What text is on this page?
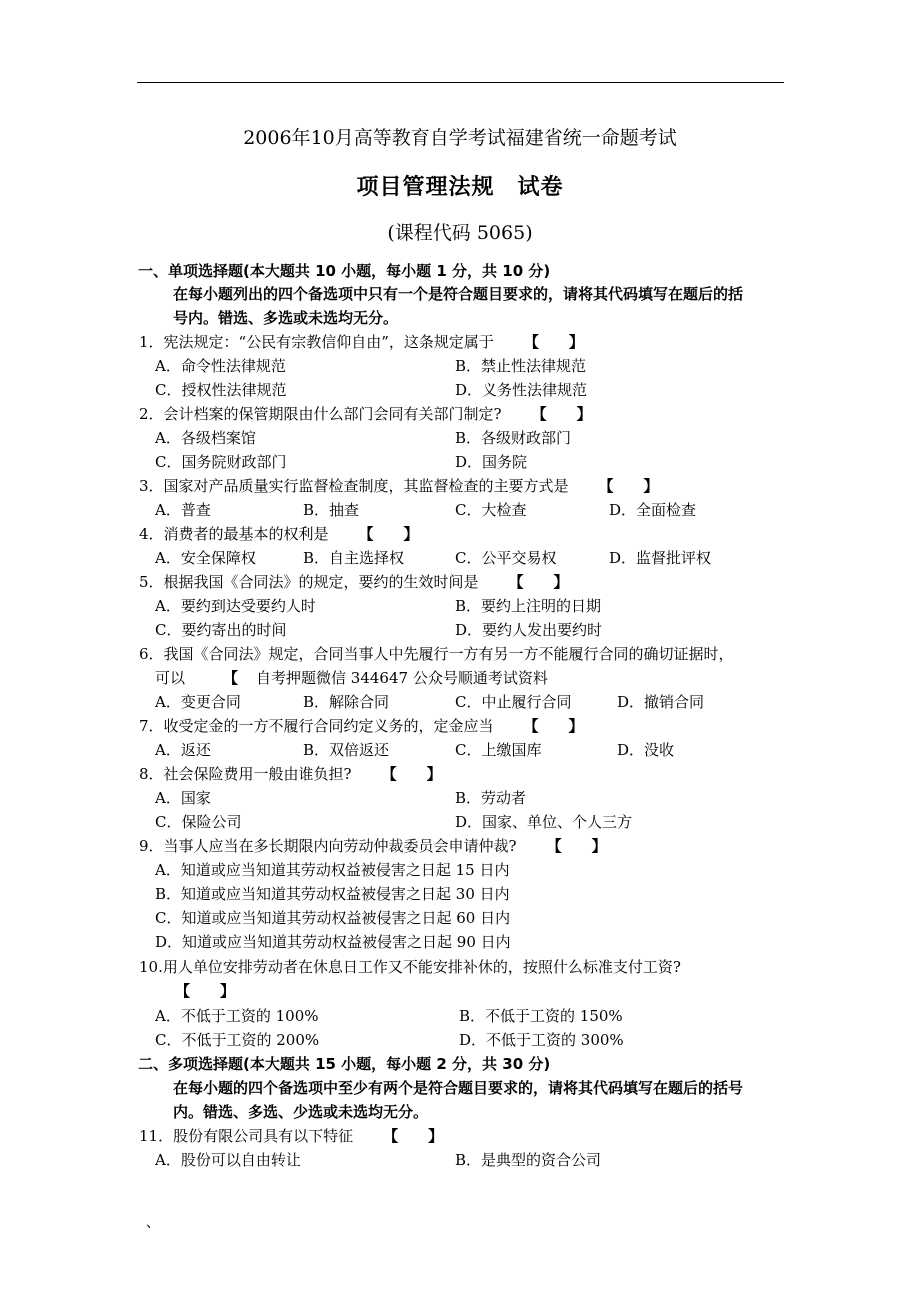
2006年10月高等教育自学考试福建省统一命题考试
项目管理法规　试卷
(课程代码 5065)
一、单项选择题(本大题共 10 小题，每小题 1 分，共 10 分)
在每小题列出的四个备选项中只有一个是符合题目要求的，请将其代码填写在题后的括
号内。错选、多选或未选均无分。
1．宪法规定：“公民有宗教信仰自由”，这条规定属于 【　　】
A．命令性法律规范	B．禁止性法律规范
C．授权性法律规范	D．义务性法律规范
2．会计档案的保管期限由什么部门会同有关部门制定? 【　　】
A．各级档案馆	B．各级财政部门
C．国务院财政部门	D．国务院
3．国家对产品质量实行监督检查制度，其监督检查的主要方式是 【　　】
A．普查	B．抽查	C．大检查	D．全面检查
4．消费者的最基本的权利是 【　　】
A．安全保障权	B．自主选择权	C．公平交易权	D．监督批评权
5．根据我国《合同法》的规定，要约的生效时间是 【　　】
A．要约到达受要约人时	B．要约上注明的日期
C．要约寄出的时间	D．要约人发出要约时
6．我国《合同法》规定，合同当事人中先履行一方有另一方不能履行合同的确切证据时，
可以	【 自考押题微信 344647 公众号顺通考试资料
A．变更合同	B．解除合同	C．中止履行合同	D．撤销合同
7．收受定金的一方不履行合同约定义务的，定金应当 【　　】
A．返还	B．双倍返还	C．上缴国库	D．没收
8．社会保险费用一般由谁负担? 【　　】
A．国家	B．劳动者
C．保险公司	D．国家、单位、个人三方
9．当事人应当在多长期限内向劳动仲裁委员会申请仲裁? 【　　】
A．知道或应当知道其劳动权益被侵害之日起 15 日内
B．知道或应当知道其劳动权益被侵害之日起 30 日内
C．知道或应当知道其劳动权益被侵害之日起 60 日内
D．知道或应当知道其劳动权益被侵害之日起 90 日内
10.用人单位安排劳动者在休息日工作又不能安排补休的，按照什么标准支付工资?
【　　】
A．不低于工资的 100%	B．不低于工资的 150%
C．不低于工资的 200%	D．不低于工资的 300%
二、多项选择题(本大题共 15 小题，每小题 2 分，共 30 分)
在每小题的四个备选项中至少有两个是符合题目要求的，请将其代码填写在题后的括号
内。错选、多选、少选或未选均无分。
11．股份有限公司具有以下特征 【　　】
A．股份可以自由转让	B．是典型的资合公司
、
